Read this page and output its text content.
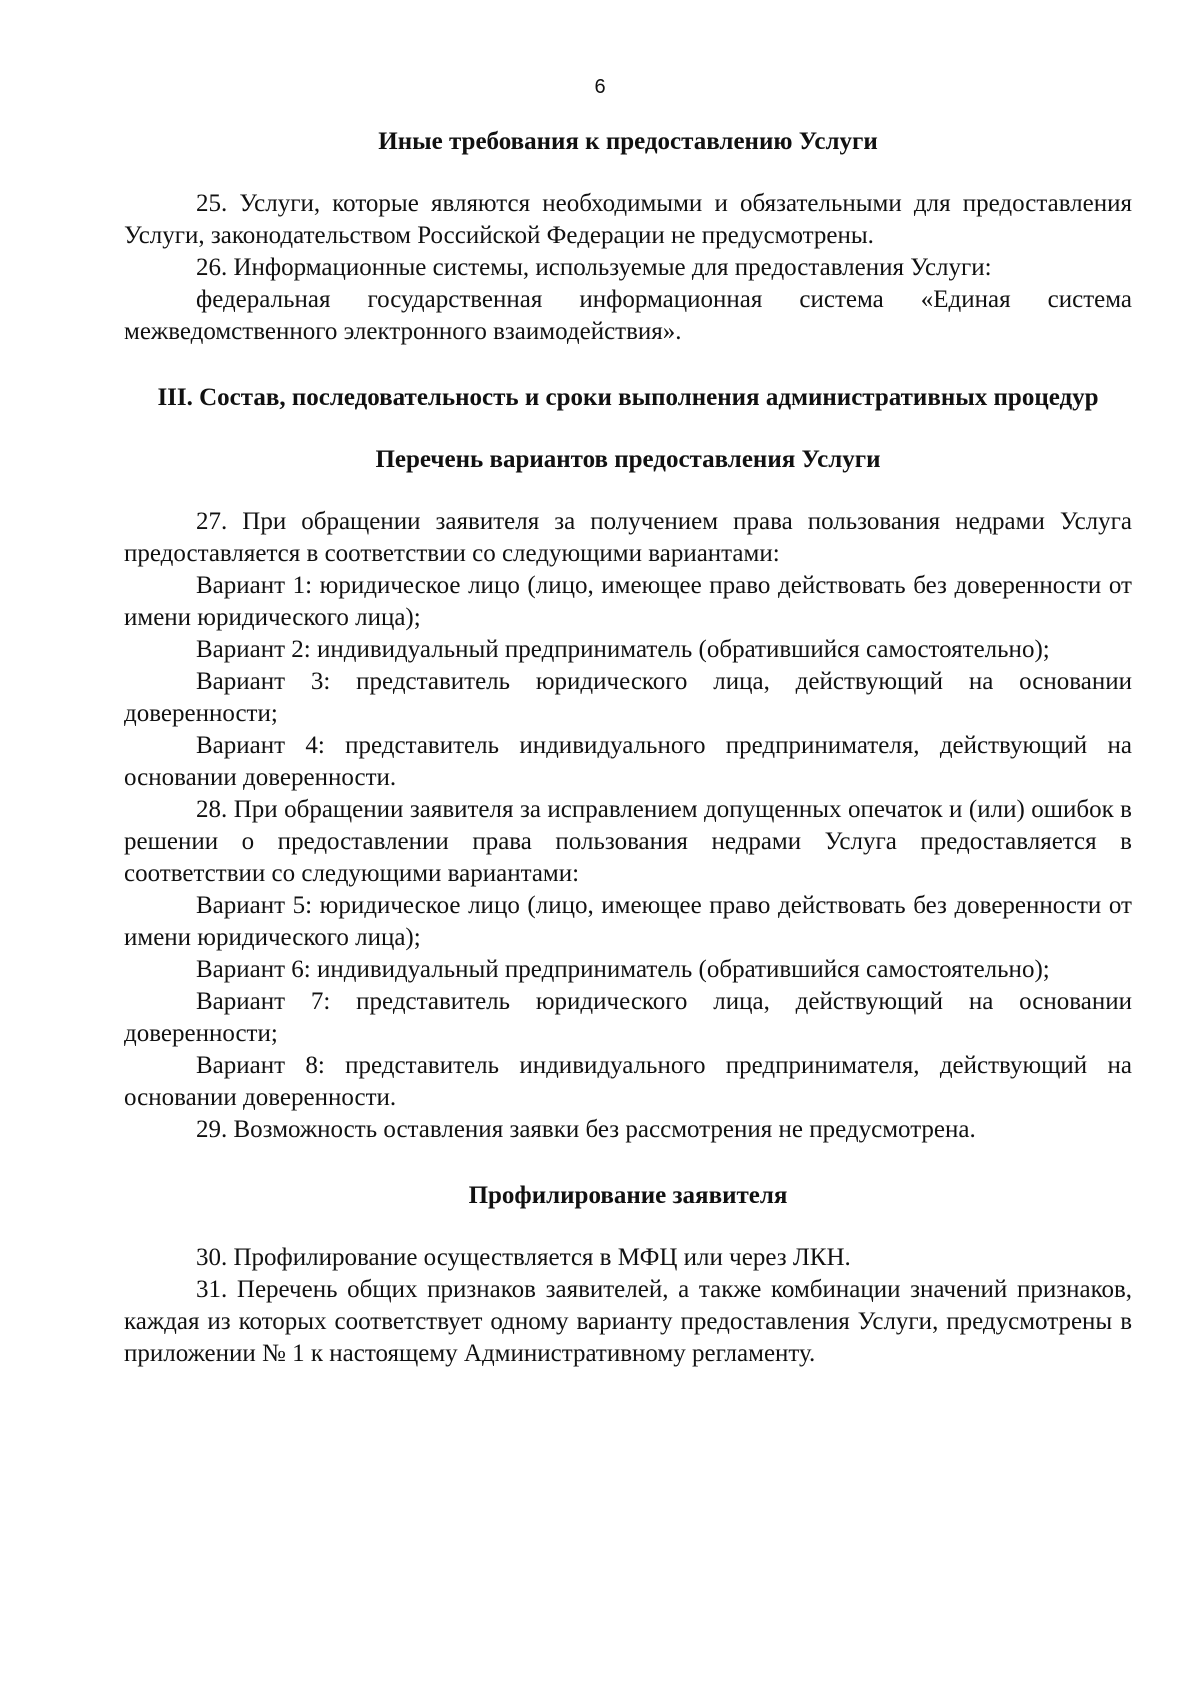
6
Иные требования к предоставлению Услуги

25. Услуги, которые являются необходимыми и обязательными для предоставления Услуги, законодательством Российской Федерации не предусмотрены.

26. Информационные системы, используемые для предоставления Услуги:

федеральная государственная информационная система «Единая система межведомственного электронного взаимодействия».

III. Состав, последовательность и сроки выполнения административных процедур
Перечень вариантов предоставления Услуги

27. При обращении заявителя за получением права пользования недрами Услуга предоставляется в соответствии со следующими вариантами:

Вариант 1: юридическое лицо (лицо, имеющее право действовать без доверенности от имени юридического лица);

Вариант 2: индивидуальный предприниматель (обратившийся самостоятельно);

Вариант 3: представитель юридического лица, действующий на основании доверенности;

Вариант 4: представитель индивидуального предпринимателя, действующий на основании доверенности.

28. При обращении заявителя за исправлением допущенных опечаток и (или) ошибок в решении о предоставлении права пользования недрами Услуга предоставляется в соответствии со следующими вариантами:

Вариант 5: юридическое лицо (лицо, имеющее право действовать без доверенности от имени юридического лица);

Вариант 6: индивидуальный предприниматель (обратившийся самостоятельно);

Вариант 7: представитель юридического лица, действующий на основании доверенности;

Вариант 8: представитель индивидуального предпринимателя, действующий на основании доверенности.

29. Возможность оставления заявки без рассмотрения не предусмотрена.

Профилирование заявителя

30. Профилирование осуществляется в МФЦ или через ЛКН.

31. Перечень общих признаков заявителей, а также комбинации значений признаков, каждая из которых соответствует одному варианту предоставления Услуги, предусмотрены в приложении № 1 к настоящему Административному регламенту.
